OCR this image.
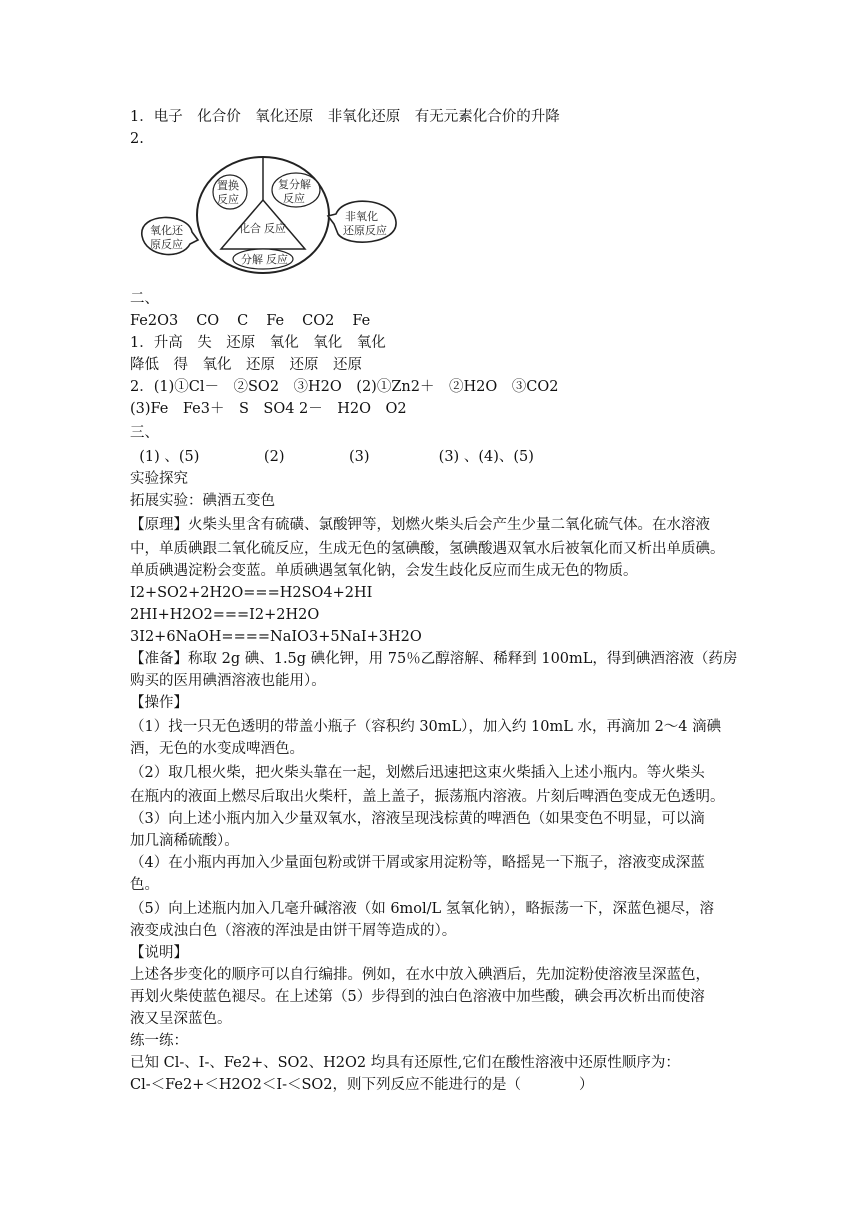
1．电子　化合价　氧化还原　非氧化还原　有无元素化合价的升降
2.
置换
反应
复分解
反应
氧化还
原反应
非氧化
还原反应
化合 反应
分解 反应
二、
Fe2O3 CO C Fe CO2 Fe
1．升高　失　还原　氧化　氧化　氧化
降低　得　氧化　还原　还原　还原
2．(1)①Cl－　②SO2　③H2O　(2)①Zn2＋　②H2O　③CO2
(3)Fe　Fe3＋　S　SO4 2－　H2O　O2
三、
(1) 、(5)              (2)              (3)               (3) 、(4)、(5)
实验探究
拓展实验：碘酒五变色
【原理】火柴头里含有硫磺、氯酸钾等，划燃火柴头后会产生少量二氧化硫气体。在水溶液
中，单质碘跟二氧化硫反应，生成无色的氢碘酸，氢碘酸遇双氧水后被氧化而又析出单质碘。
单质碘遇淀粉会变蓝。单质碘遇氢氧化钠，会发生歧化反应而生成无色的物质。
I2+SO2+2H2O===H2SO4+2HI
2HI+H2O2===I2+2H2O
3I2+6NaOH====NaIO3+5NaI+3H2O
【准备】称取 2g 碘、1.5g 碘化钾，用 75％乙醇溶解、稀释到 100mL，得到碘酒溶液（药房
购买的医用碘酒溶液也能用）。
【操作】
（1）找一只无色透明的带盖小瓶子（容积约 30mL），加入约 10mL 水，再滴加 2～4 滴碘
酒，无色的水变成啤酒色。
（2）取几根火柴，把火柴头靠在一起，划燃后迅速把这束火柴插入上述小瓶内。等火柴头
在瓶内的液面上燃尽后取出火柴杆，盖上盖子，振荡瓶内溶液。片刻后啤酒色变成无色透明。
（3）向上述小瓶内加入少量双氧水，溶液呈现浅棕黄的啤酒色（如果变色不明显，可以滴
加几滴稀硫酸）。
（4）在小瓶内再加入少量面包粉或饼干屑或家用淀粉等，略摇晃一下瓶子，溶液变成深蓝
色。
（5）向上述瓶内加入几毫升碱溶液（如 6mol/L 氢氧化钠），略振荡一下，深蓝色褪尽，溶
液变成浊白色（溶液的浑浊是由饼干屑等造成的）。
【说明】
上述各步变化的顺序可以自行编排。例如，在水中放入碘酒后，先加淀粉使溶液呈深蓝色，
再划火柴使蓝色褪尽。在上述第（5）步得到的浊白色溶液中加些酸，碘会再次析出而使溶
液又呈深蓝色。
练一练：
已知 Cl-、I-、Fe2+、SO2、H2O2 均具有还原性,它们在酸性溶液中还原性顺序为：
Cl-＜Fe2+＜H2O2＜I-＜SO2，则下列反应不能进行的是（　　　　）
